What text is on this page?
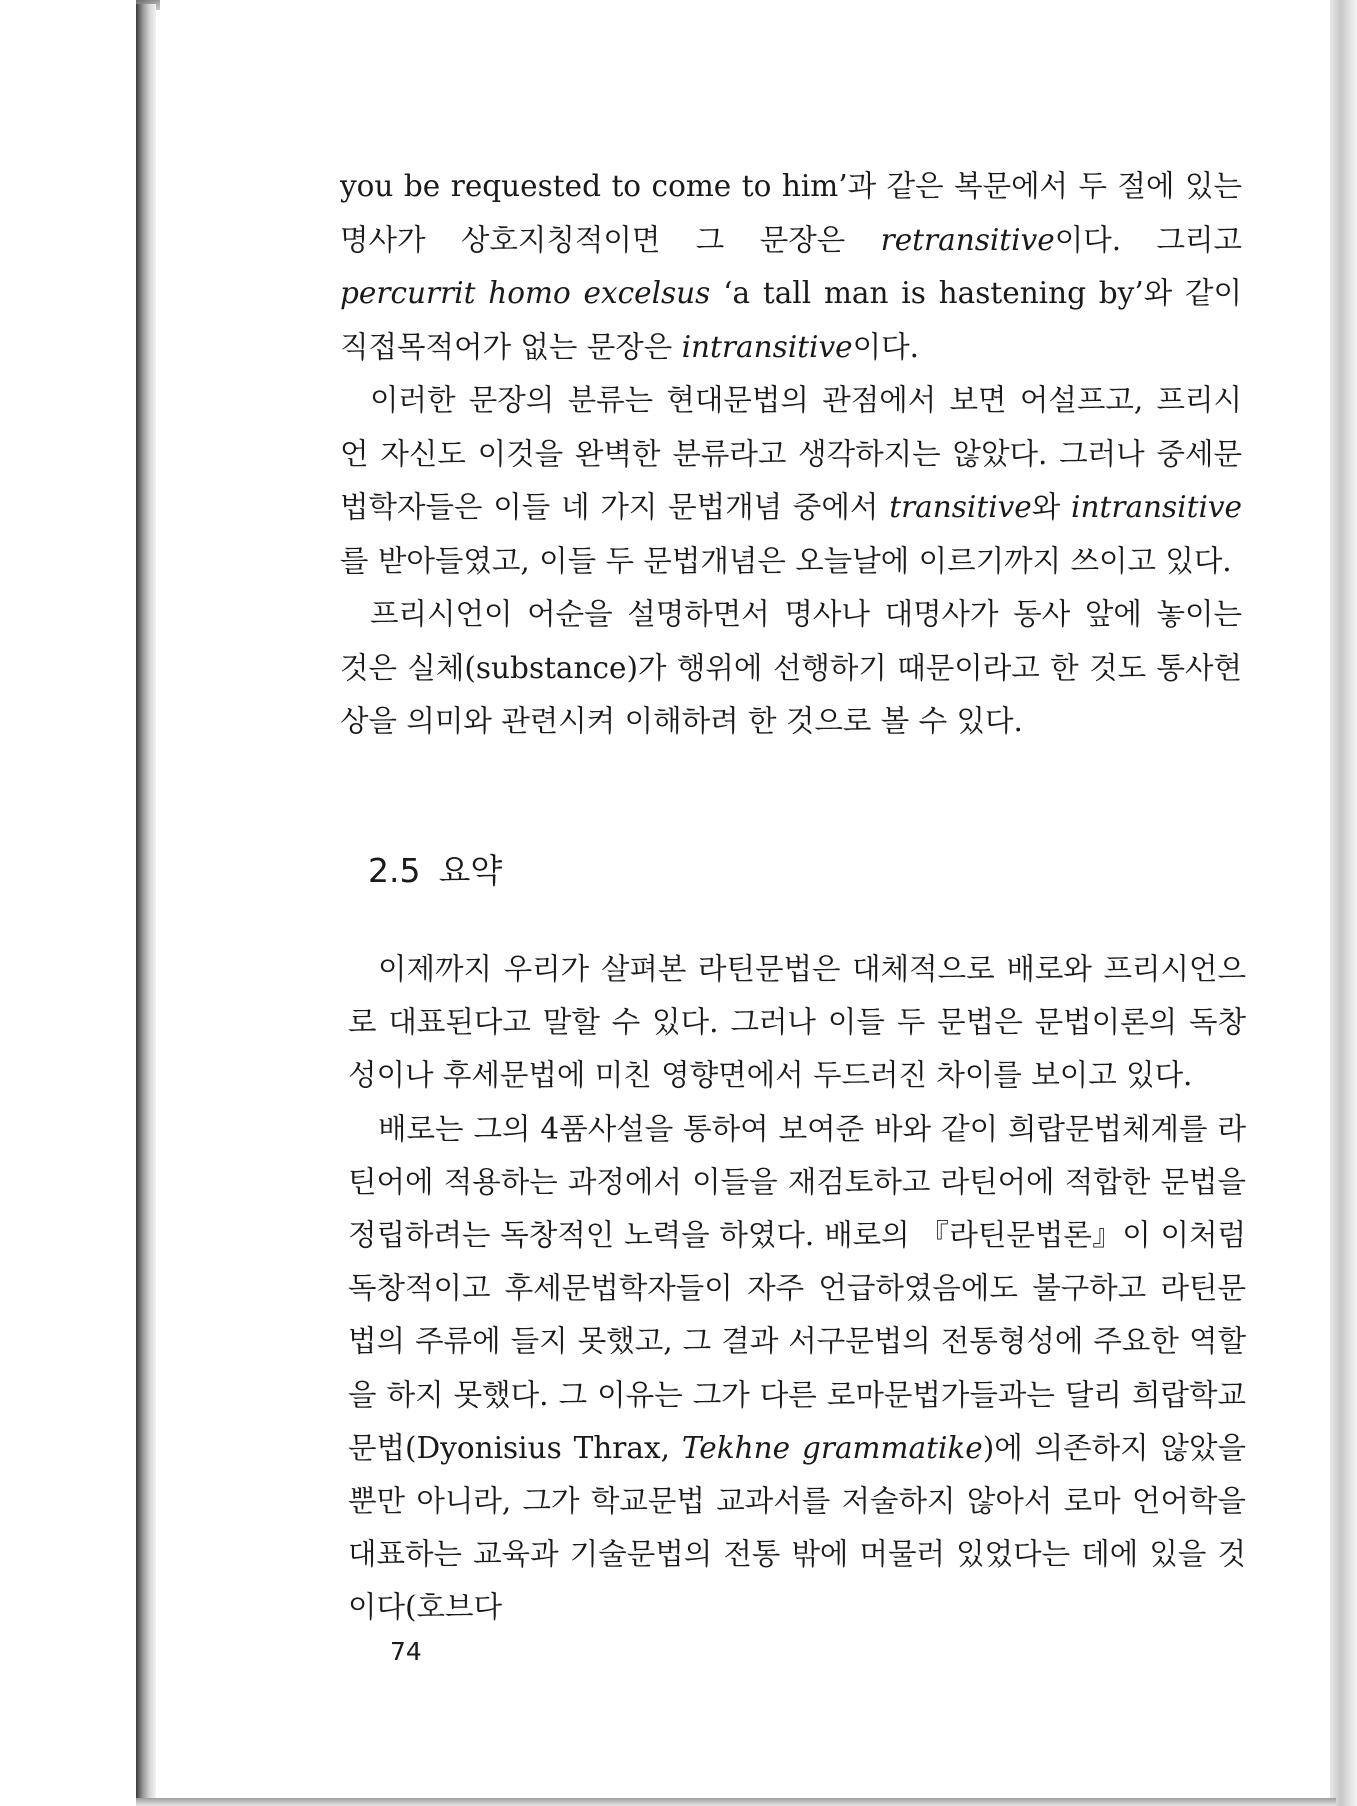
you be requested to come to him’과 같은 복문에서 두 절에 있는 명사가 상호지칭적이면 그 문장은 retransitive이다. 그리고 percurrit homo excelsus ‘a tall man is hastening by’와 같이 직접목적어가 없는 문장은 intransitive이다.

이러한 문장의 분류는 현대문법의 관점에서 보면 어설프고, 프리시언 자신도 이것을 완벽한 분류라고 생각하지는 않았다. 그러나 중세문법학자들은 이들 네 가지 문법개념 중에서 transitive와 intransitive를 받아들였고, 이들 두 문법개념은 오늘날에 이르기까지 쓰이고 있다.

프리시언이 어순을 설명하면서 명사나 대명사가 동사 앞에 놓이는 것은 실체(substance)가 행위에 선행하기 때문이라고 한 것도 통사현상을 의미와 관련시켜 이해하려 한 것으로 볼 수 있다.

2.5 요약

이제까지 우리가 살펴본 라틴문법은 대체적으로 배로와 프리시언으로 대표된다고 말할 수 있다. 그러나 이들 두 문법은 문법이론의 독창성이나 후세문법에 미친 영향면에서 두드러진 차이를 보이고 있다.

배로는 그의 4품사설을 통하여 보여준 바와 같이 희랍문법체계를 라틴어에 적용하는 과정에서 이들을 재검토하고 라틴어에 적합한 문법을 정립하려는 독창적인 노력을 하였다. 배로의 『라틴문법론』이 이처럼 독창적이고 후세문법학자들이 자주 언급하였음에도 불구하고 라틴문법의 주류에 들지 못했고, 그 결과 서구문법의 전통형성에 주요한 역할을 하지 못했다. 그 이유는 그가 다른 로마문법가들과는 달리 희랍학교문법(Dyonisius Thrax, Tekhne grammatike)에 의존하지 않았을 뿐만 아니라, 그가 학교문법 교과서를 저술하지 않아서 로마 언어학을 대표하는 교육과 기술문법의 전통 밖에 머물러 있었다는 데에 있을 것이다(호브다

74
